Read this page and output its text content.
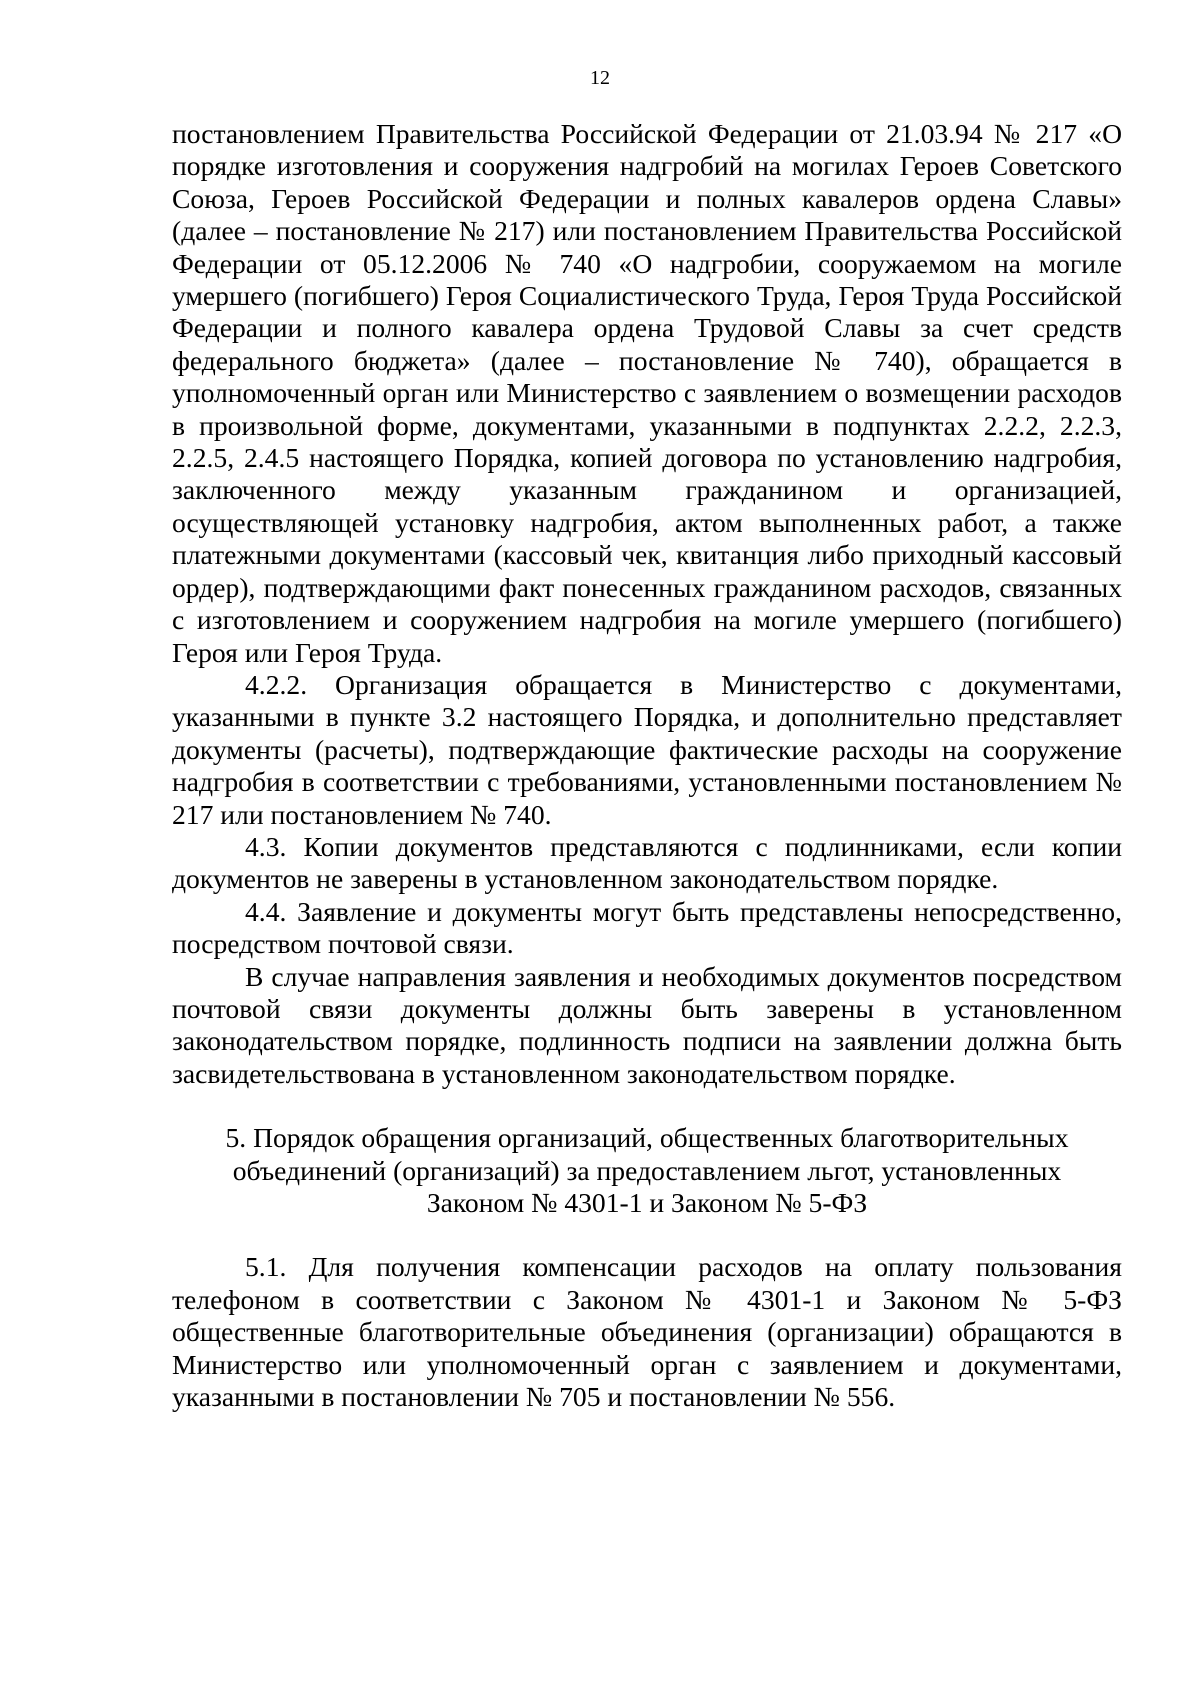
12

постановлением Правительства Российской Федерации от 21.03.94 № 217 «О порядке изготовления и сооружения надгробий на могилах Героев Советского Союза, Героев Российской Федерации и полных кавалеров ордена Славы» (далее – постановление № 217) или постановлением Правительства Российской Федерации от 05.12.2006 № 740 «О надгробии, сооружаемом на могиле умершего (погибшего) Героя Социалистического Труда, Героя Труда Российской Федерации и полного кавалера ордена Трудовой Славы за счет средств федерального бюджета» (далее – постановление № 740), обращается в уполномоченный орган или Министерство с заявлением о возмещении расходов в произвольной форме, документами, указанными в подпунктах 2.2.2, 2.2.3, 2.2.5, 2.4.5 настоящего Порядка, копией договора по установлению надгробия, заключенного между указанным гражданином и организацией, осуществляющей установку надгробия, актом выполненных работ, а также платежными документами (кассовый чек, квитанция либо приходный кассовый ордер), подтверждающими факт понесенных гражданином расходов, связанных с изготовлением и сооружением надгробия на могиле умершего (погибшего) Героя или Героя Труда.

4.2.2. Организация обращается в Министерство с документами, указанными в пункте 3.2 настоящего Порядка, и дополнительно представляет документы (расчеты), подтверждающие фактические расходы на сооружение надгробия в соответствии с требованиями, установленными постановлением № 217 или постановлением № 740.

4.3. Копии документов представляются с подлинниками, если копии документов не заверены в установленном законодательством порядке.

4.4. Заявление и документы могут быть представлены непосредственно, посредством почтовой связи.

В случае направления заявления и необходимых документов посредством почтовой связи документы должны быть заверены в установленном законодательством порядке, подлинность подписи на заявлении должна быть засвидетельствована в установленном законодательством порядке.

5. Порядок обращения организаций, общественных благотворительных
объединений (организаций) за предоставлением льгот, установленных
Законом № 4301-1 и Законом № 5-ФЗ

5.1. Для получения компенсации расходов на оплату пользования телефоном в соответствии с Законом № 4301-1 и Законом № 5-ФЗ общественные благотворительные объединения (организации) обращаются в Министерство или уполномоченный орган с заявлением и документами, указанными в постановлении № 705 и постановлении № 556.
